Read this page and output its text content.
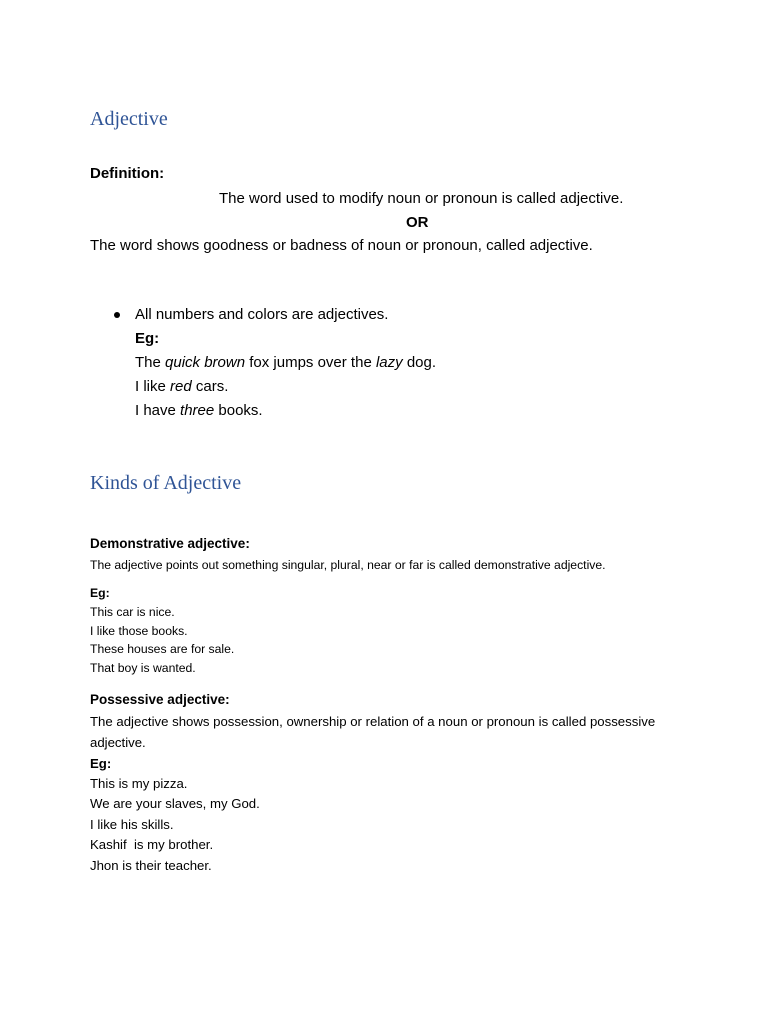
Adjective
Definition:
The word used to modify noun or pronoun is called adjective.
OR
The word shows goodness or badness of noun or pronoun, called adjective.
All numbers and colors are adjectives.
Eg:
The quick brown fox jumps over the lazy dog.
I like red cars.
I have three books.
Kinds of Adjective
Demonstrative adjective:
The adjective points out something singular, plural, near or far is called demonstrative adjective.
Eg:
This car is nice.
I like those books.
These houses are for sale.
That boy is wanted.
Possessive adjective:
The adjective shows possession, ownership or relation of a noun or pronoun is called possessive
adjective.
Eg:
This is my pizza.
We are your slaves, my God.
I like his skills.
Kashif  is my brother.
Jhon is their teacher.
